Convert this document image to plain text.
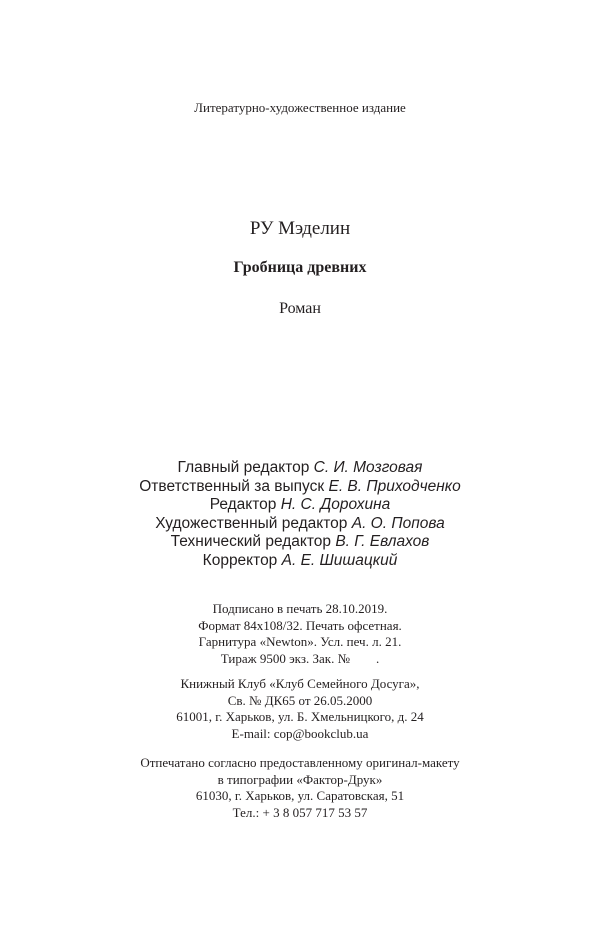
Литературно-художественное издание
РУ Мэделин
Гробница древних
Роман
Главный редактор С. И. Мозговая
Ответственный за выпуск Е. В. Приходченко
Редактор Н. С. Дорохина
Художественный редактор А. О. Попова
Технический редактор В. Г. Евлахов
Корректор А. Е. Шишацкий
Подписано в печать 28.10.2019.
Формат 84х108/32. Печать офсетная.
Гарнитура «Newton». Усл. печ. л. 21.
Тираж 9500 экз. Зак. №        .
Книжный Клуб «Клуб Семейного Досуга»,
Св. № ДК65 от 26.05.2000
61001, г. Харьков, ул. Б. Хмельницкого, д. 24
E-mail: cop@bookclub.ua
Отпечатано согласно предоставленному оригинал-макету
в типографии «Фактор-Друк»
61030, г. Харьков, ул. Саратовская, 51
Тел.: + 3 8 057 717 53 57
